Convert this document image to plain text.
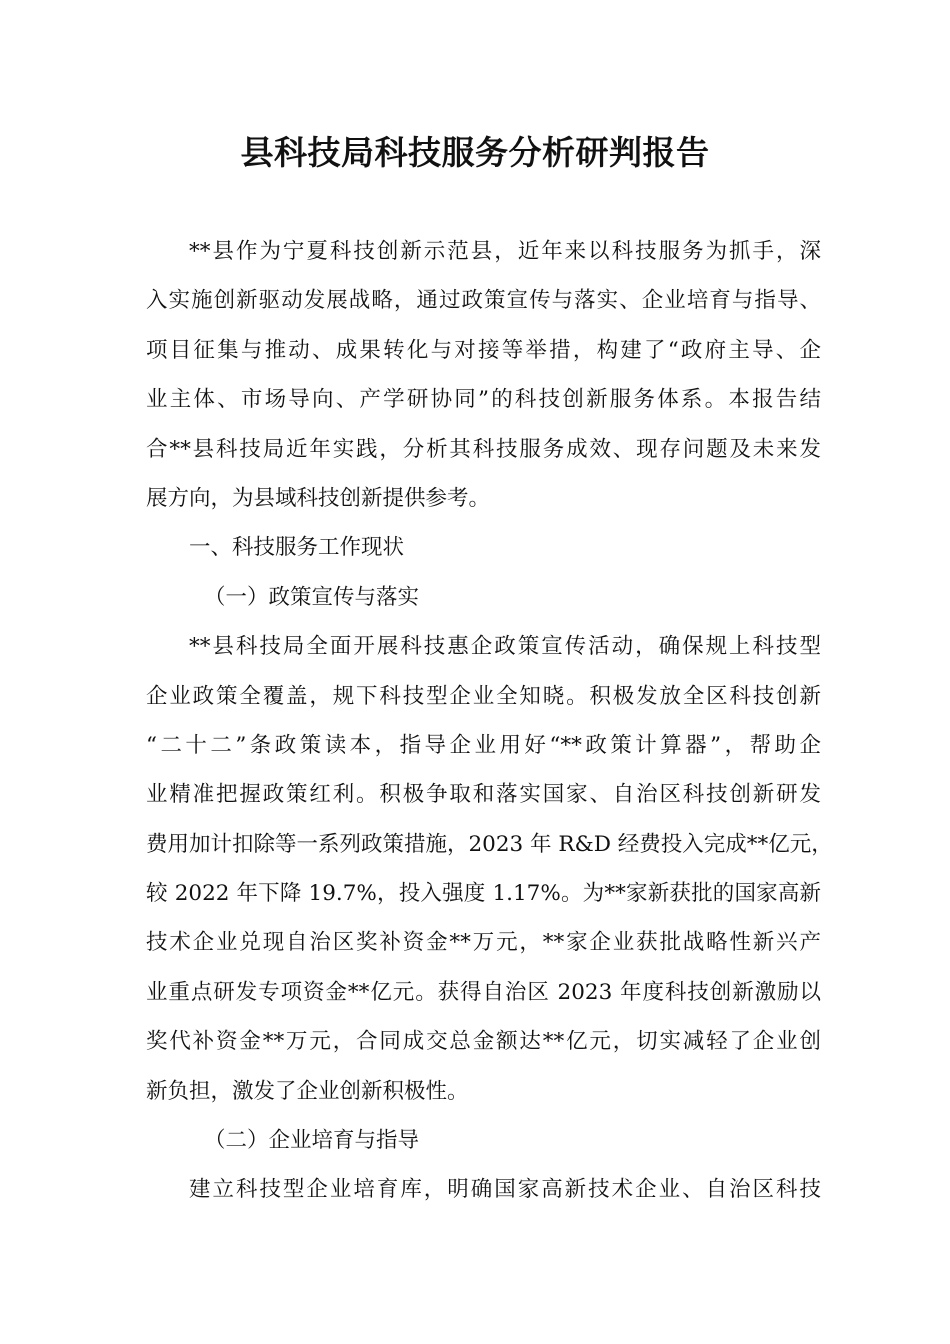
县科技局科技服务分析研判报告
**县作为宁夏科技创新示范县，近年来以科技服务为抓手，深
入实施创新驱动发展战略，通过政策宣传与落实、企业培育与指导、
项目征集与推动、成果转化与对接等举措，构建了“政府主导、企
业主体、市场导向、产学研协同”的科技创新服务体系。本报告结
合**县科技局近年实践，分析其科技服务成效、现存问题及未来发
展方向，为县域科技创新提供参考。
一、科技服务工作现状
（一）政策宣传与落实
**县科技局全面开展科技惠企政策宣传活动，确保规上科技型
企业政策全覆盖，规下科技型企业全知晓。积极发放全区科技创新
“二十二”条政策读本，指导企业用好“**政策计算器”，帮助企
业精准把握政策红利。积极争取和落实国家、自治区科技创新研发
费用加计扣除等一系列政策措施，2023 年 R&D 经费投入完成**亿元，
较 2022 年下降 19.7%，投入强度 1.17%。为**家新获批的国家高新
技术企业兑现自治区奖补资金**万元，**家企业获批战略性新兴产
业重点研发专项资金**亿元。获得自治区 2023 年度科技创新激励以
奖代补资金**万元，合同成交总金额达**亿元，切实减轻了企业创
新负担，激发了企业创新积极性。
（二）企业培育与指导
建立科技型企业培育库，明确国家高新技术企业、自治区科技
